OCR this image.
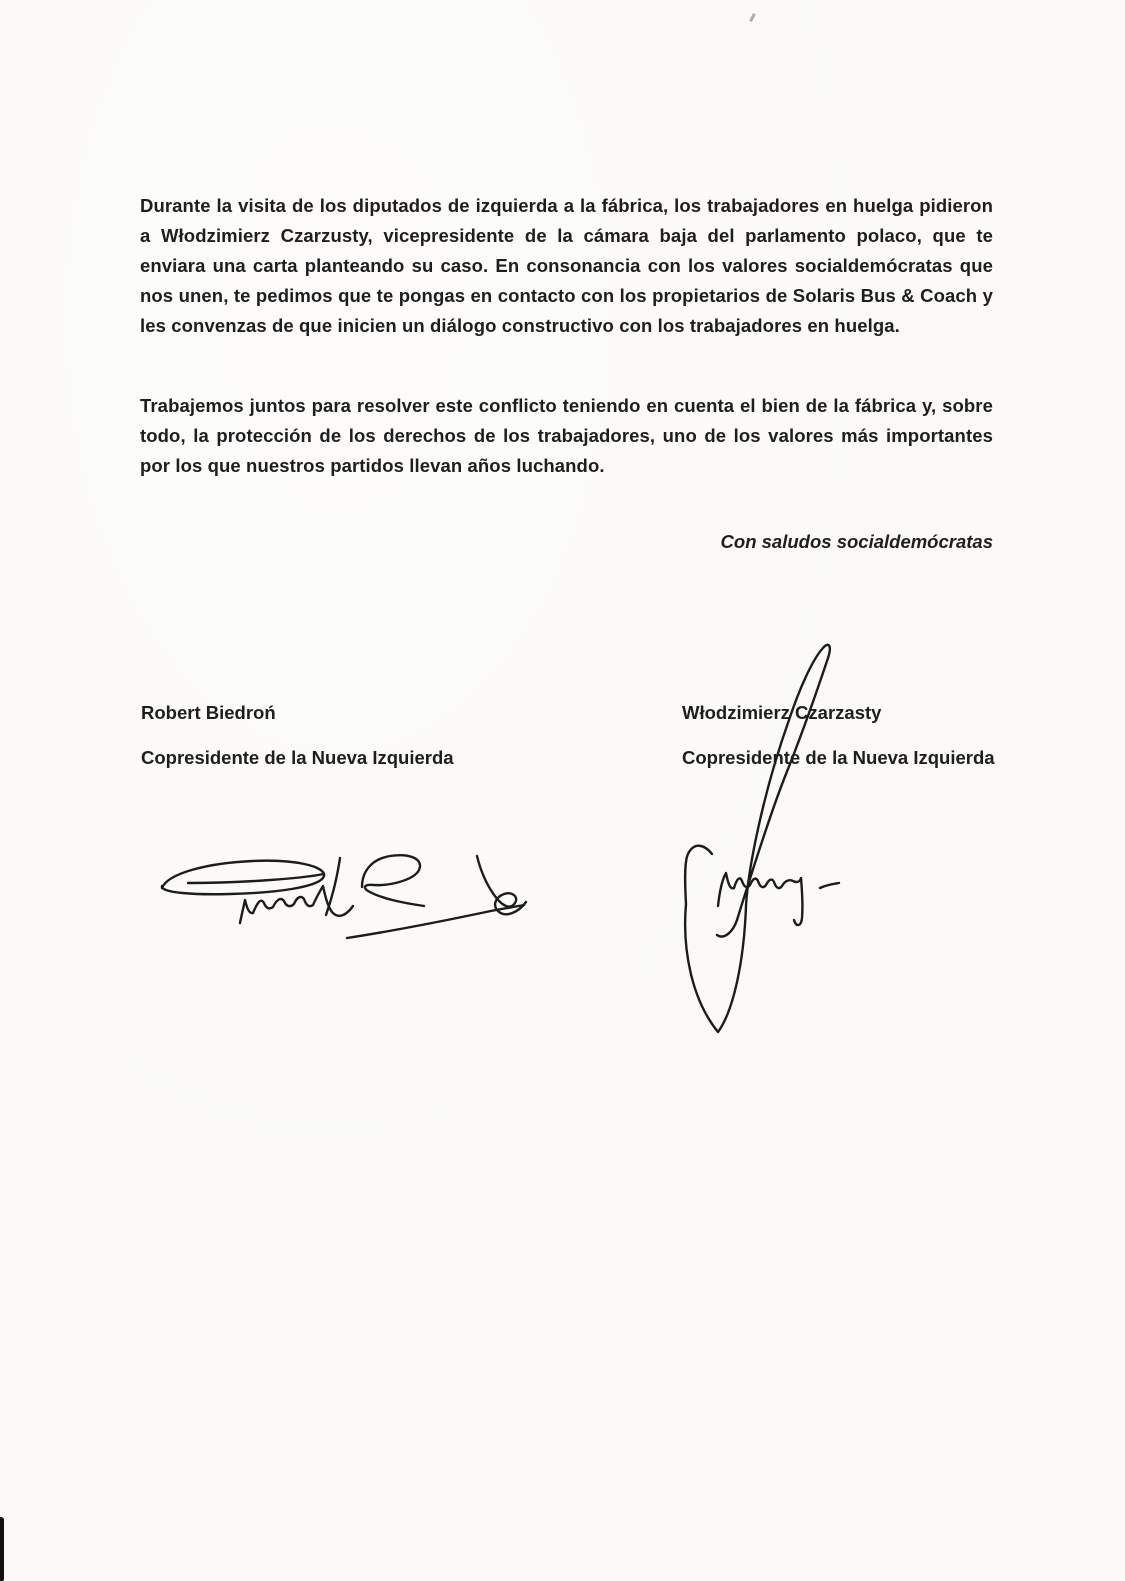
Durante la visita de los diputados de izquierda a la fábrica, los trabajadores en huelga pidieron a Włodzimierz Czarzusty, vicepresidente de la cámara baja del parlamento polaco, que te enviara una carta planteando su caso. En consonancia con los valores socialdemócratas que nos unen, te pedimos que te pongas en contacto con los propietarios de Solaris Bus & Coach y les convenzas de que inicien un diálogo constructivo con los trabajadores en huelga.

Trabajemos juntos para resolver este conflicto teniendo en cuenta el bien de la fábrica y, sobre todo, la protección de los derechos de los trabajadores, uno de los valores más importantes por los que nuestros partidos llevan años luchando.

Con saludos socialdemócratas
Robert Biedroń
Copresidente de la Nueva Izquierda
Włodzimierz Czarzasty
Copresidente de la Nueva Izquierda
